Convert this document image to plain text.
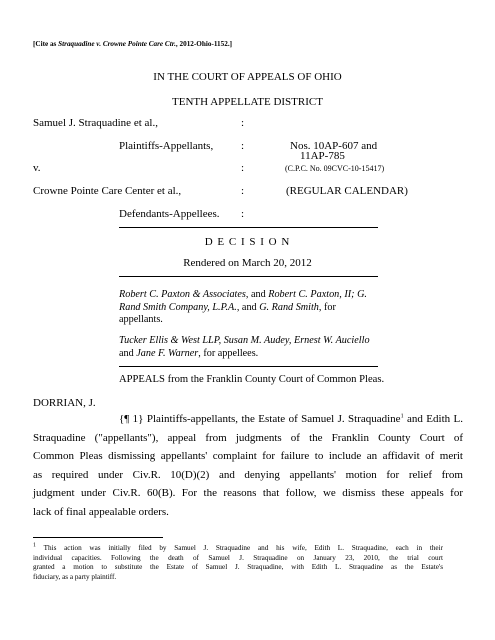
[Cite as Straquadine v. Crowne Pointe Care Ctr., 2012-Ohio-1152.]
IN THE COURT OF APPEALS OF OHIO
TENTH APPELLATE DISTRICT
Samuel J. Straquadine et al.,	:
Plaintiffs-Appellants,	:	Nos. 10AP-607 and
11AP-785
v.	:	(C.P.C. No. 09CVC-10-15417)
Crowne Pointe Care Center et al.,	:	(REGULAR CALENDAR)
Defendants-Appellees. :
D E C I S I O N
Rendered on March 20, 2012
Robert C. Paxton & Associates, and Robert C. Paxton, II; G.
Rand Smith Company, L.P.A., and G. Rand Smith, for
appellants.
Tucker Ellis & West LLP, Susan M. Audey, Ernest W. Auciello
and Jane F. Warner, for appellees.
APPEALS from the Franklin County Court of Common Pleas.
DORRIAN, J.
{¶ 1} Plaintiffs-appellants, the Estate of Samuel J. Straquadine$^1$ and Edith L.
Straquadine ("appellants"), appeal from judgments of the Franklin County Court of
Common Pleas dismissing appellants' complaint for failure to include an affidavit of merit
as required under Civ.R. 10(D)(2) and denying appellants' motion for relief from
judgment under Civ.R. 60(B). For the reasons that follow, we dismiss these appeals for
lack of final appealable orders.
$^1$ This action was initially filed by Samuel J. Straquadine and his wife, Edith L. Straquadine, each in their
individual capacities. Following the death of Samuel J. Straquadine on January 23, 2010, the trial court
granted a motion to substitute the Estate of Samuel J. Straquadine, with Edith L. Straquadine as the Estate's
fiduciary, as a party plaintiff.
